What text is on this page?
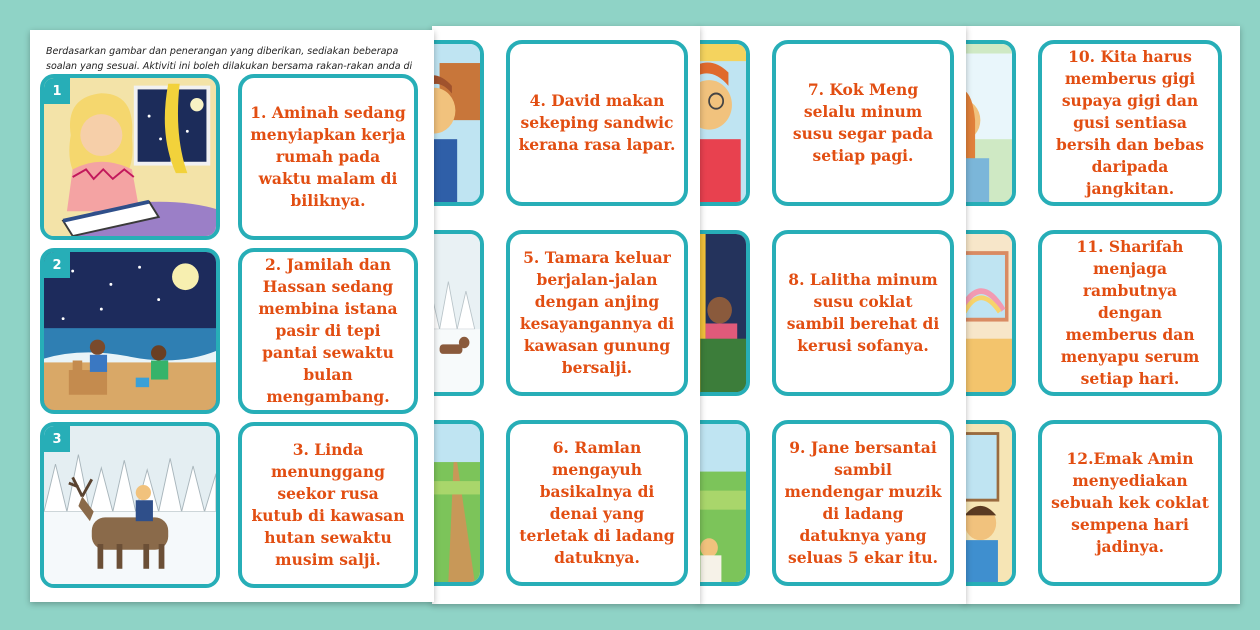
10. Kita harus memberus gigi supaya gigi dan gusi sentiasa bersih dan bebas daripada jangkitan.
11. Sharifah menjaga rambutnya dengan memberus dan menyapu serum setiap hari.
12.Emak Amin menyediakan sebuah kek coklat sempena hari jadinya.
7. Kok Meng selalu minum susu segar pada setiap pagi.
8. Lalitha minum susu coklat sambil berehat di kerusi sofanya.
9. Jane bersantai sambil mendengar muzik di ladang datuknya yang seluas 5 ekar itu.
4. David makan sekeping sandwic kerana rasa lapar.
5. Tamara keluar berjalan-jalan dengan anjing kesayangannya di kawasan gunung bersalji.
6. Ramlan mengayuh basikalnya di denai yang terletak di ladang datuknya.
Berdasarkan gambar dan penerangan yang diberikan, sediakan beberapa soalan yang sesuai. Aktiviti ini boleh dilakukan bersama rakan-rakan anda di
1
1. Aminah sedang menyiapkan kerja rumah pada waktu malam di biliknya.
2	2. Jamilah dan Hassan sedang membina istana pasir di tepi pantai sewaktu bulan mengambang.
3
3. Linda menunggang seekor rusa kutub di kawasan hutan sewaktu musim salji.
